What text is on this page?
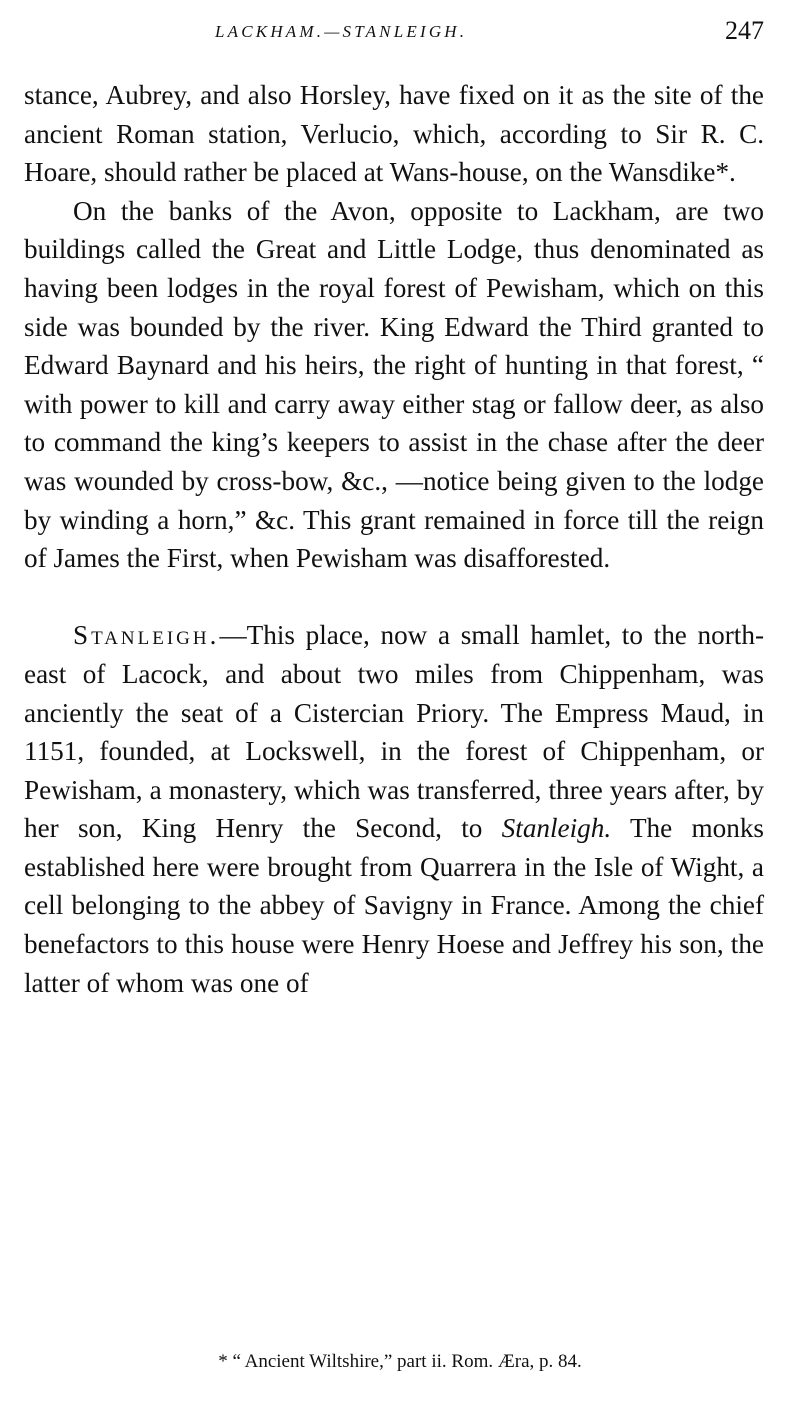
LACKHAM.—STANLEIGH.	247

stance, Aubrey, and also Horsley, have fixed on it as the site of the ancient Roman station, Verlucio, which, according to Sir R. C. Hoare, should rather be placed at Wans-house, on the Wansdike*.

On the banks of the Avon, opposite to Lackham, are two buildings called the Great and Little Lodge, thus denominated as having been lodges in the royal forest of Pewisham, which on this side was bounded by the river. King Edward the Third granted to Edward Baynard and his heirs, the right of hunting in that forest, “ with power to kill and carry away either stag or fallow deer, as also to command the king’s keepers to assist in the chase after the deer was wounded by cross-bow, &c., —notice being given to the lodge by winding a horn,” &c. This grant remained in force till the reign of James the First, when Pewisham was disafforested.

Stanleigh.—This place, now a small hamlet, to the north-east of Lacock, and about two miles from Chippenham, was anciently the seat of a Cistercian Priory. The Empress Maud, in 1151, founded, at Lockswell, in the forest of Chippenham, or Pewisham, a monastery, which was transferred, three years after, by her son, King Henry the Second, to Stanleigh. The monks established here were brought from Quarrera in the Isle of Wight, a cell belonging to the abbey of Savigny in France. Among the chief benefactors to this house were Henry Hoese and Jeffrey his son, the latter of whom was one of

* “ Ancient Wiltshire,” part ii. Rom. Æra, p. 84.
